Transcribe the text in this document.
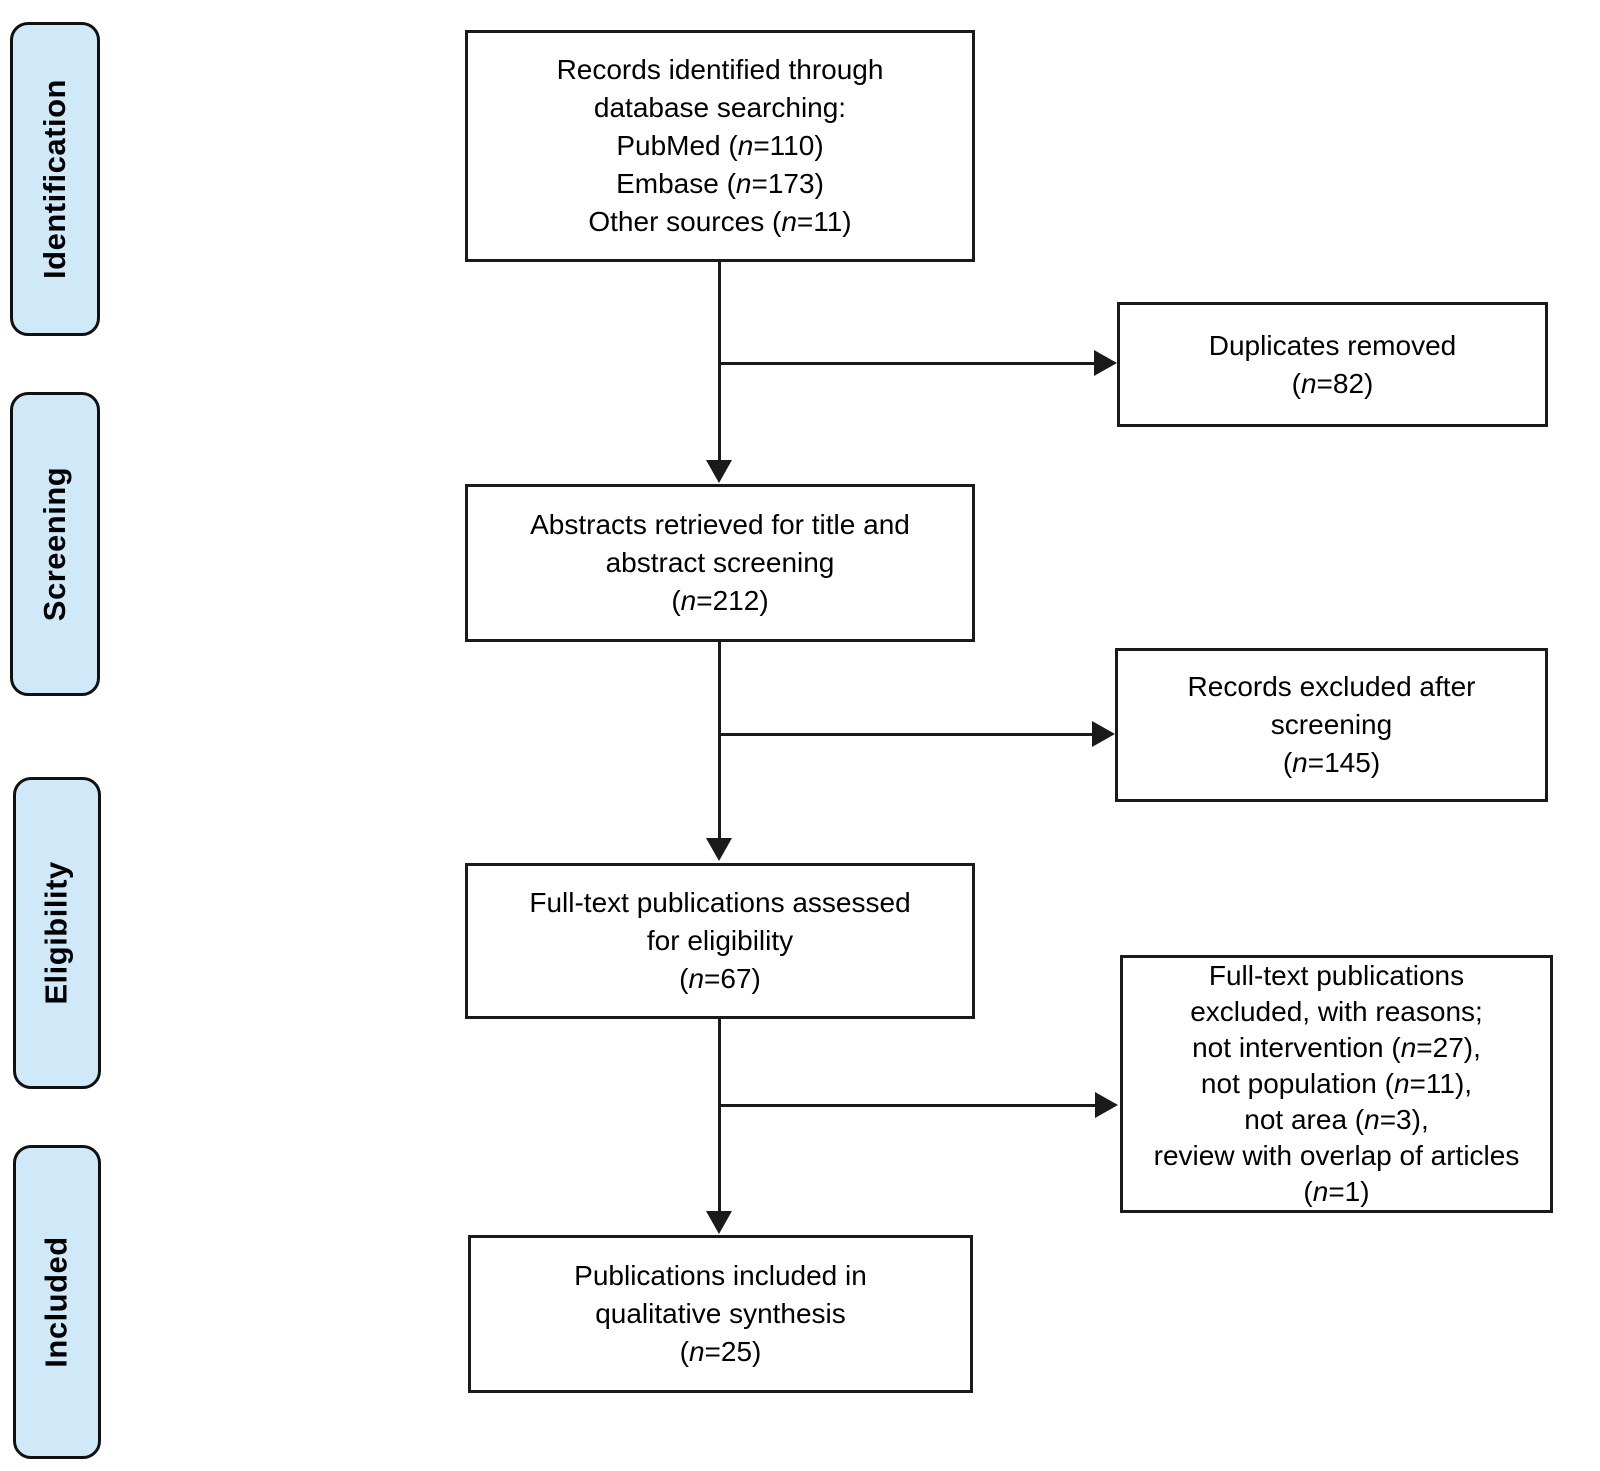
Identification
Screening
Eligibility
Included
Records identified through
database searching:
PubMed (n=110)
Embase (n=173)
Other sources (n=11)
Duplicates removed
(n=82)
Abstracts retrieved for title and
abstract screening
(n=212)
Records excluded after
screening
(n=145)
Full-text publications assessed
for eligibility
(n=67)	Full-text publications
excluded, with reasons;
not intervention (n=27),
not population (n=11),
not area (n=3),
review with overlap of articles
(n=1)
Publications included in
qualitative synthesis
(n=25)
